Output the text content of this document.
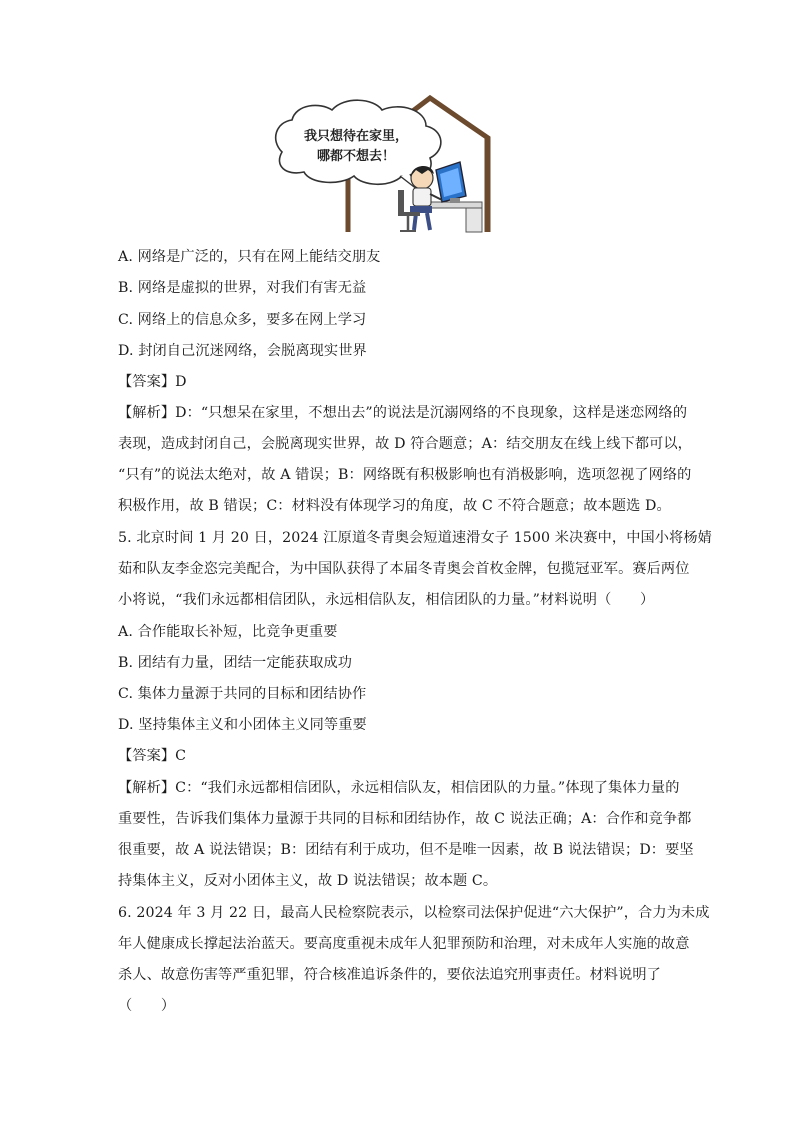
我只想待在家里，
哪都不想去！
A. 网络是广泛的，只有在网上能结交朋友
B. 网络是虚拟的世界，对我们有害无益
C. 网络上的信息众多，要多在网上学习
D. 封闭自己沉迷网络，会脱离现实世界
【答案】D
【解析】D：“只想呆在家里，不想出去”的说法是沉溺网络的不良现象，这样是迷恋网络的
表现，造成封闭自己，会脱离现实世界，故 D 符合题意；A：结交朋友在线上线下都可以，
“只有”的说法太绝对，故 A 错误；B：网络既有积极影响也有消极影响，选项忽视了网络的
积极作用，故 B 错误；C：材料没有体现学习的角度，故 C 不符合题意；故本题选 D。
5. 北京时间 1 月 20 日，2024 江原道冬青奥会短道速滑女子 1500 米决赛中，中国小将杨婧
茹和队友李金恣完美配合，为中国队获得了本届冬青奥会首枚金牌，包揽冠亚军。赛后两位
小将说，“我们永远都相信团队，永远相信队友，相信团队的力量。”材料说明（　　）
A. 合作能取长补短，比竞争更重要
B. 团结有力量，团结一定能获取成功
C. 集体力量源于共同的目标和团结协作
D. 坚持集体主义和小团体主义同等重要
【答案】C
【解析】C：“我们永远都相信团队，永远相信队友，相信团队的力量。”体现了集体力量的
重要性，告诉我们集体力量源于共同的目标和团结协作，故 C 说法正确；A：合作和竞争都
很重要，故 A 说法错误；B：团结有利于成功，但不是唯一因素，故 B 说法错误；D：要坚
持集体主义，反对小团体主义，故 D 说法错误；故本题 C。
6. 2024 年 3 月 22 日，最高人民检察院表示，以检察司法保护促进“六大保护”，合力为未成
年人健康成长撑起法治蓝天。要高度重视未成年人犯罪预防和治理，对未成年人实施的故意
杀人、故意伤害等严重犯罪，符合核准追诉条件的，要依法追究刑事责任。材料说明了
（　　）
